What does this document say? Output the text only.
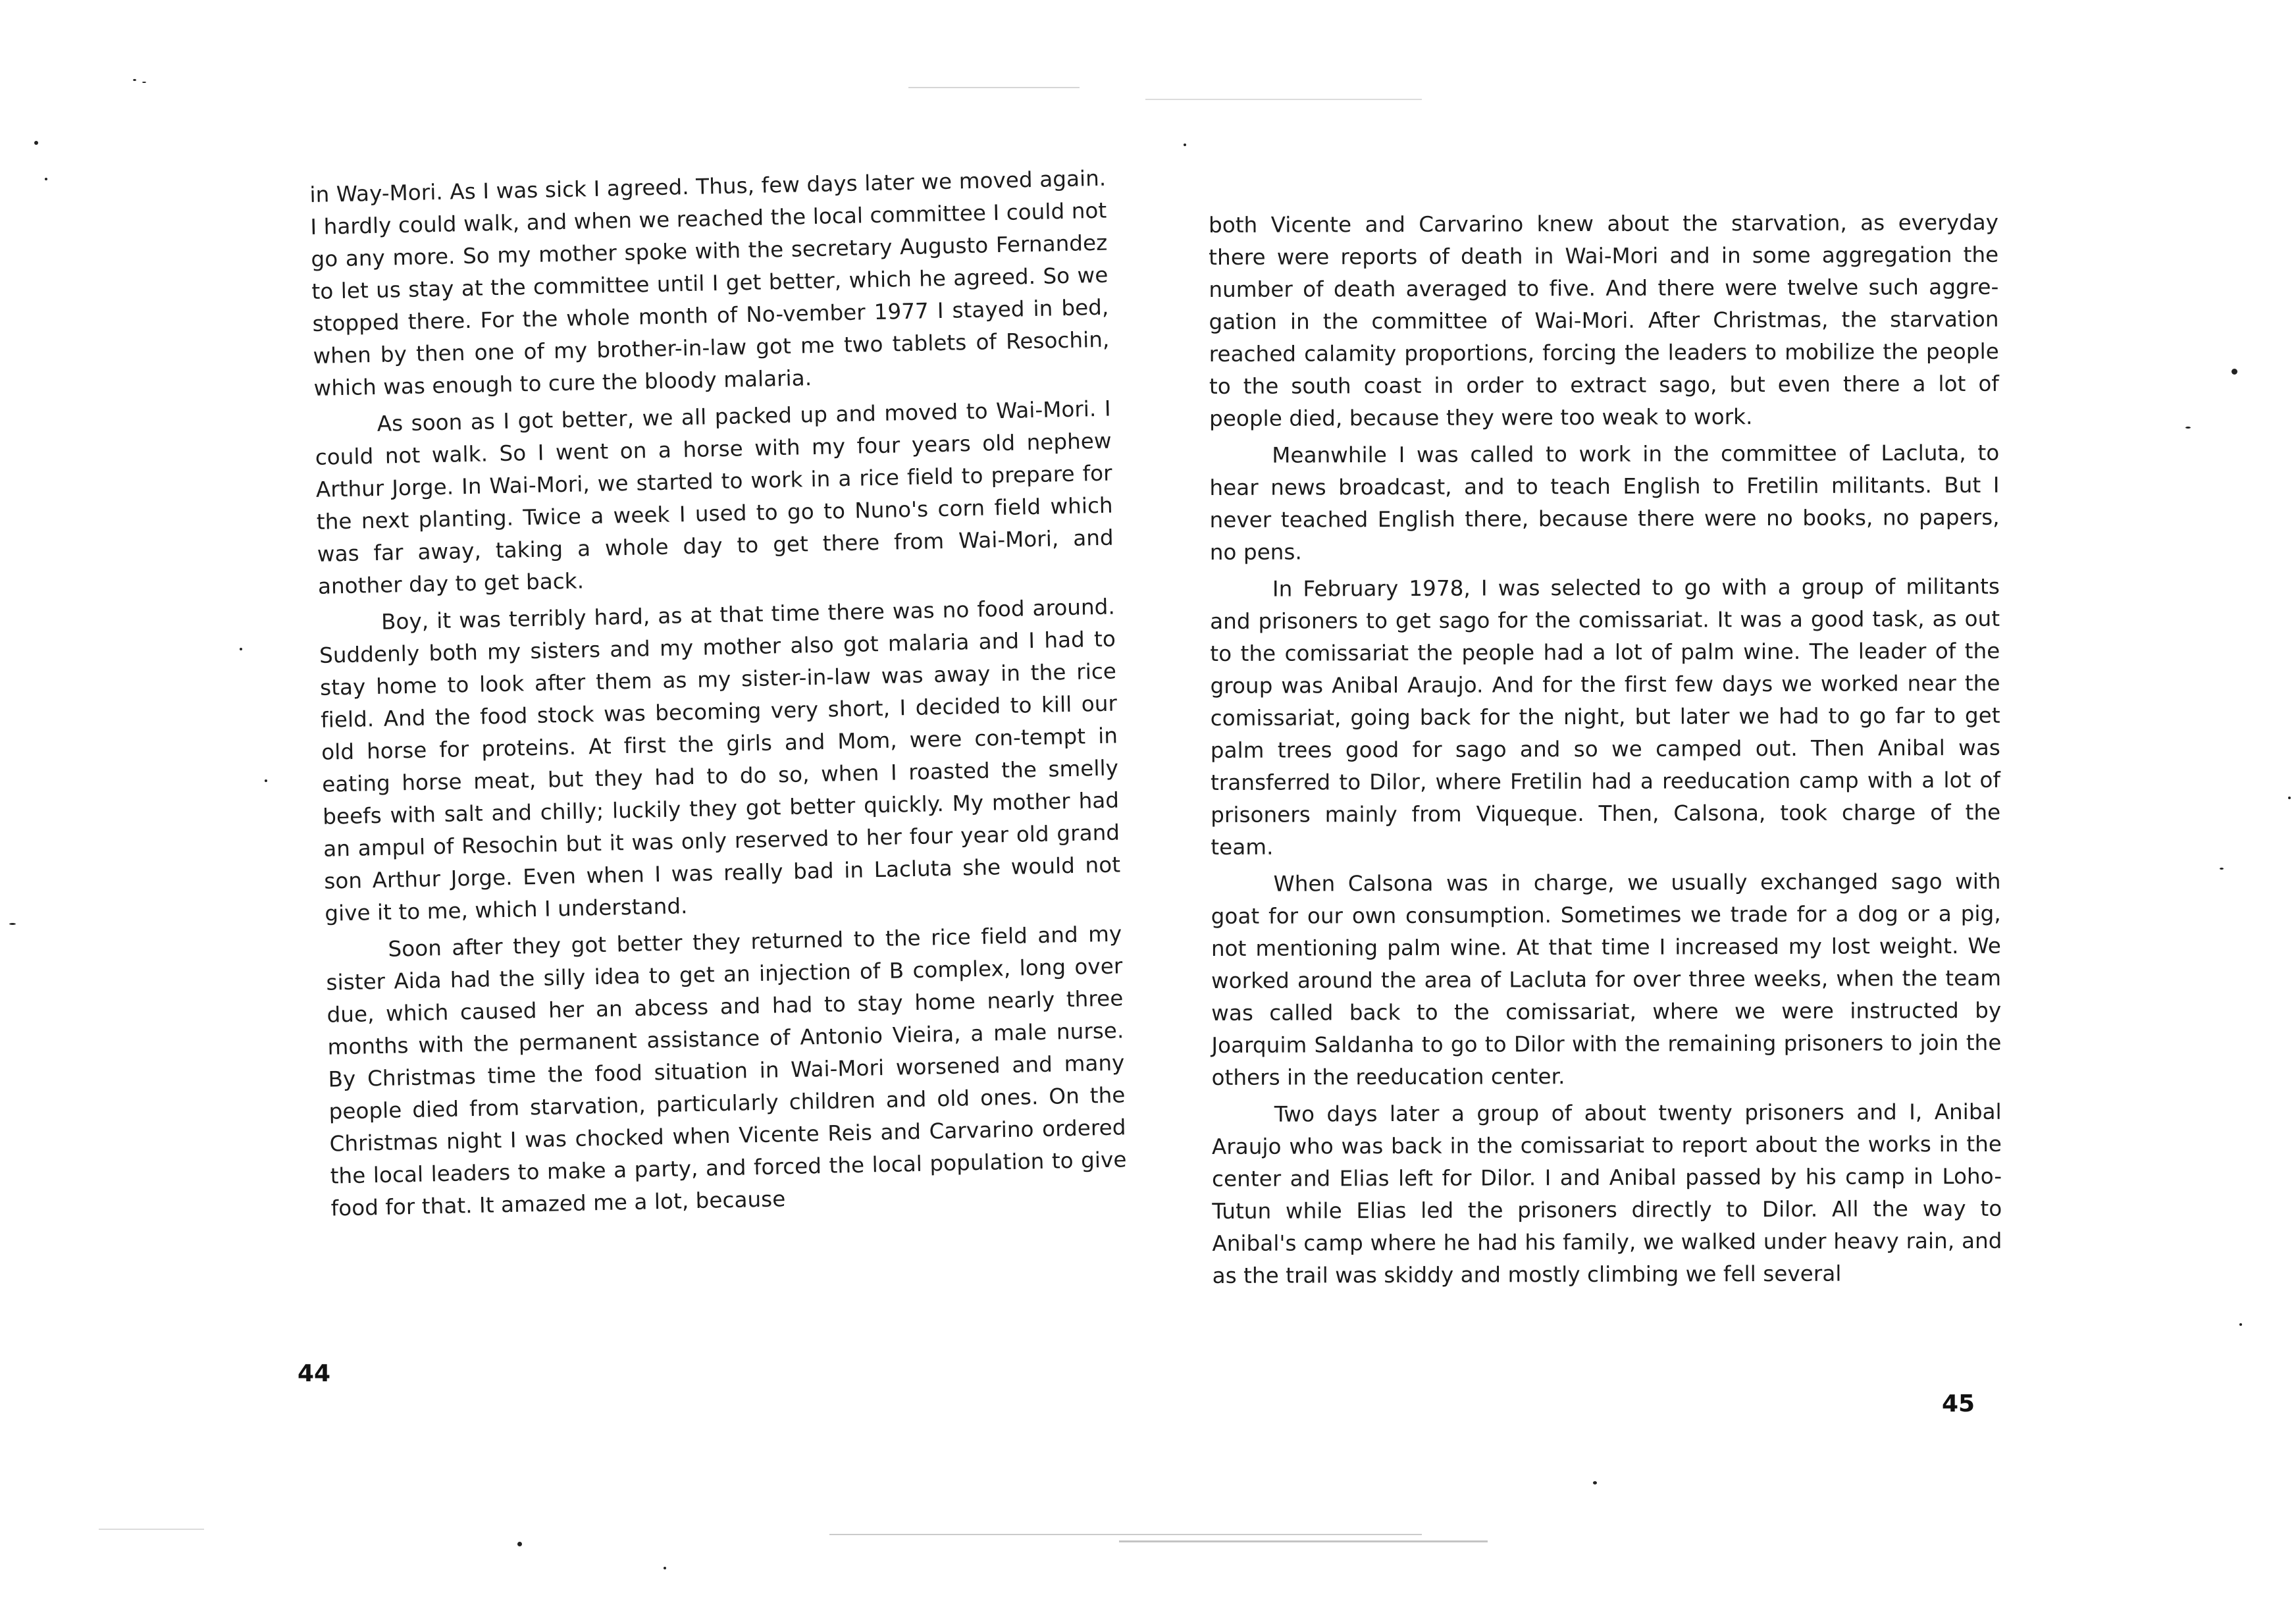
in Way-Mori. As I was sick I agreed. Thus, few days later we moved again. I hardly could walk, and when we reached the local committee I could not go any more. So my mother spoke with the secretary Augusto Fernandez to let us stay at the committee until I get better, which he agreed. So we stopped there. For the whole month of No-vember 1977 I stayed in bed, when by then one of my brother-in-law got me two tablets of Resochin, which was enough to cure the bloody malaria.

As soon as I got better, we all packed up and moved to Wai-Mori. I could not walk. So I went on a horse with my four years old nephew Arthur Jorge. In Wai-Mori, we started to work in a rice field to prepare for the next planting. Twice a week I used to go to Nuno's corn field which was far away, taking a whole day to get there from Wai-Mori, and another day to get back.

Boy, it was terribly hard, as at that time there was no food around. Suddenly both my sisters and my mother also got malaria and I had to stay home to look after them as my sister-in-law was away in the rice field. And the food stock was becoming very short, I decided to kill our old horse for proteins. At first the girls and Mom, were con-tempt in eating horse meat, but they had to do so, when I roasted the smelly beefs with salt and chilly; luckily they got better quickly. My mother had an ampul of Resochin but it was only reserved to her four year old grand son Arthur Jorge. Even when I was really bad in Lacluta she would not give it to me, which I understand.

Soon after they got better they returned to the rice field and my sister Aida had the silly idea to get an injection of B complex, long over due, which caused her an abcess and had to stay home nearly three months with the permanent assistance of Antonio Vieira, a male nurse. By Christmas time the food situation in Wai-Mori worsened and many people died from starvation, particularly children and old ones. On the Christmas night I was chocked when Vicente Reis and Carvarino ordered the local leaders to make a party, and forced the local population to give food for that. It amazed me a lot, because

both Vicente and Carvarino knew about the starvation, as everyday there were reports of death in Wai-Mori and in some aggregation the number of death averaged to five. And there were twelve such aggre-gation in the committee of Wai-Mori. After Christmas, the starvation reached calamity proportions, forcing the leaders to mobilize the people to the south coast in order to extract sago, but even there a lot of people died, because they were too weak to work.

Meanwhile I was called to work in the committee of Lacluta, to hear news broadcast, and to teach English to Fretilin militants. But I never teached English there, because there were no books, no papers, no pens.

In February 1978, I was selected to go with a group of militants and prisoners to get sago for the comissariat. It was a good task, as out to the comissariat the people had a lot of palm wine. The leader of the group was Anibal Araujo. And for the first few days we worked near the comissariat, going back for the night, but later we had to go far to get palm trees good for sago and so we camped out. Then Anibal was transferred to Dilor, where Fretilin had a reeducation camp with a lot of prisoners mainly from Viqueque. Then, Calsona, took charge of the team.

When Calsona was in charge, we usually exchanged sago with goat for our own consumption. Sometimes we trade for a dog or a pig, not mentioning palm wine. At that time I increased my lost weight. We worked around the area of Lacluta for over three weeks, when the team was called back to the comissariat, where we were instructed by Joarquim Saldanha to go to Dilor with the remaining prisoners to join the others in the reeducation center.

Two days later a group of about twenty prisoners and I, Anibal Araujo who was back in the comissariat to report about the works in the center and Elias left for Dilor. I and Anibal passed by his camp in Loho-Tutun while Elias led the prisoners directly to Dilor. All the way to Anibal's camp where he had his family, we walked under heavy rain, and as the trail was skiddy and mostly climbing we fell several

44
45
